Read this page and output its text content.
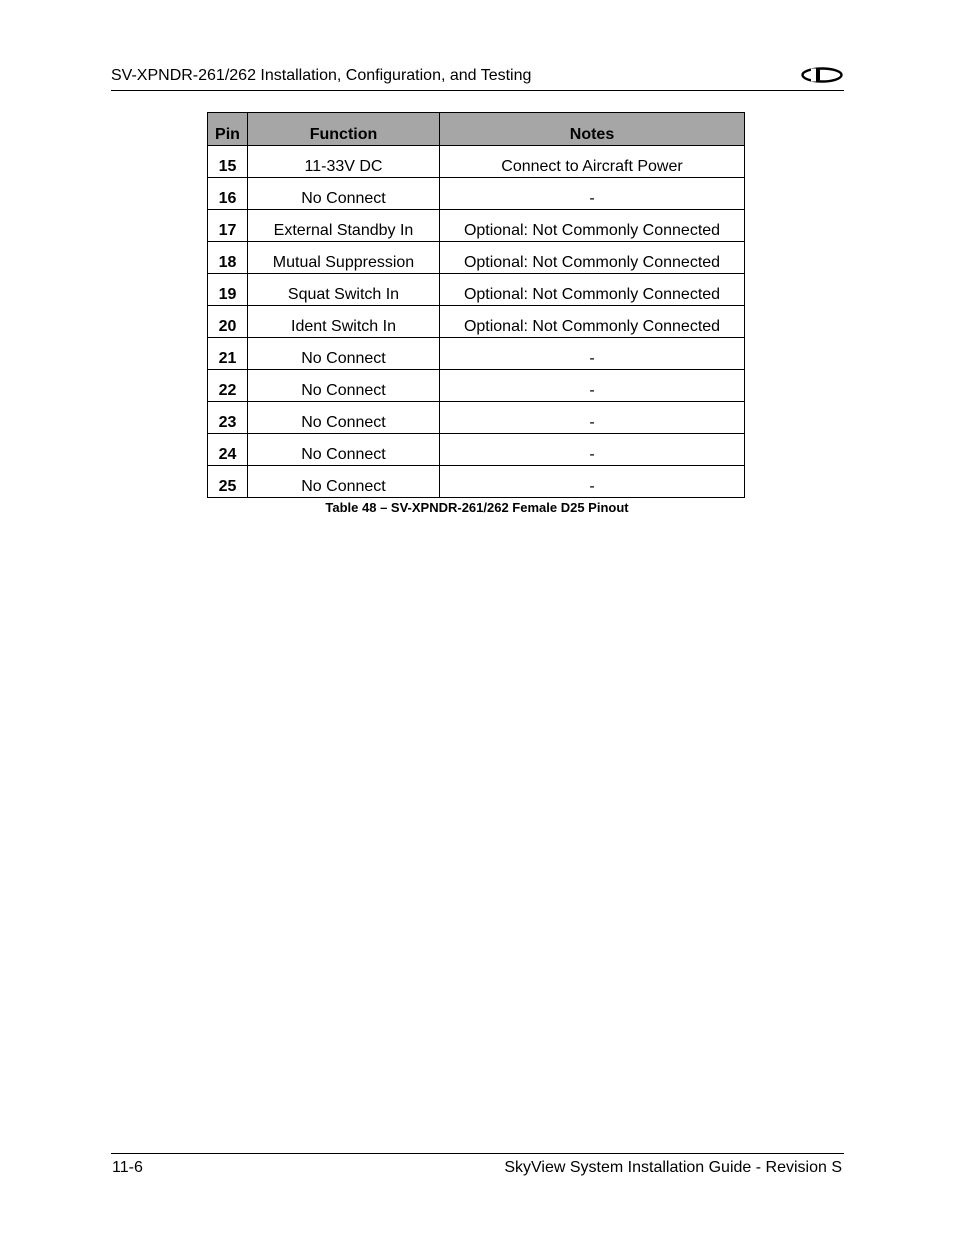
SV-XPNDR-261/262 Installation, Configuration, and Testing
Pin	Function	Notes
15	11-33V DC	Connect to Aircraft Power
16	No Connect	-
17	External Standby In	Optional: Not Commonly Connected
18	Mutual Suppression	Optional: Not Commonly Connected
19	Squat Switch In	Optional: Not Commonly Connected
20	Ident Switch In	Optional: Not Commonly Connected
21	No Connect	-
22	No Connect	-
23	No Connect	-
24	No Connect	-
25	No Connect	-
Table 48 – SV-XPNDR-261/262 Female D25 Pinout
11-6	SkyView System Installation Guide - Revision S
